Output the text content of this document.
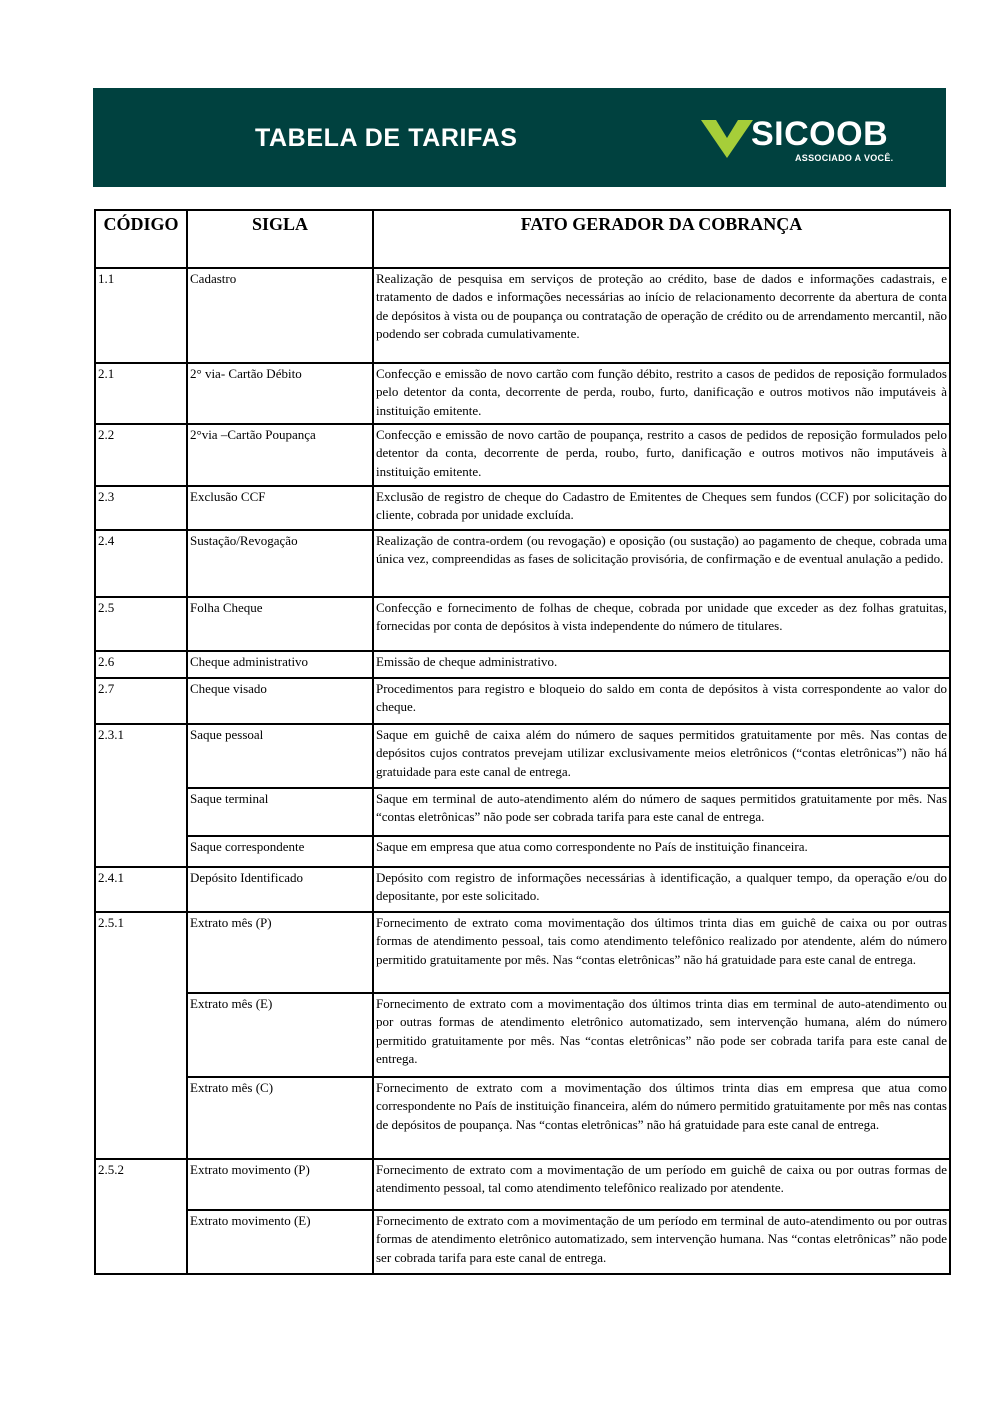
TABELA DE TARIFAS	SICOOB
ASSOCIADO A VOCÊ.
CÓDIGO	SIGLA	FATO GERADOR DA COBRANÇA
1.1	Cadastro	Realização de pesquisa em serviços de proteção ao crédito, base de dados e informações cadastrais, e tratamento de dados e informações necessárias ao início de relacionamento decorrente da abertura de conta de depósitos à vista ou de poupança ou contratação de operação de crédito ou de arrendamento mercantil, não podendo ser cobrada cumulativamente.
2.1	2° via- Cartão Débito	Confecção e emissão de novo cartão com função débito, restrito a casos de pedidos de reposição formulados pelo detentor da conta, decorrente de perda, roubo, furto, danificação e outros motivos não imputáveis à instituição emitente.
2.2	2°via –Cartão Poupança	Confecção e emissão de novo cartão de poupança, restrito a casos de pedidos de reposição formulados pelo detentor da conta, decorrente de perda, roubo, furto, danificação e outros motivos não imputáveis à instituição emitente.
2.3	Exclusão CCF	Exclusão de registro de cheque do Cadastro de Emitentes de Cheques sem fundos (CCF) por solicitação do cliente, cobrada por unidade excluída.
2.4	Sustação/Revogação	Realização de contra-ordem (ou revogação) e oposição (ou sustação) ao pagamento de cheque, cobrada uma única vez, compreendidas as fases de solicitação provisória, de confirmação e de eventual anulação a pedido.
2.5	Folha Cheque	Confecção e fornecimento de folhas de cheque, cobrada por unidade que exceder as dez folhas gratuitas, fornecidas por conta de depósitos à vista independente do número de titulares.
2.6	Cheque administrativo	Emissão de cheque administrativo.
2.7	Cheque visado	Procedimentos para registro e bloqueio do saldo em conta de depósitos à vista correspondente ao valor do cheque.
2.3.1	Saque pessoal	Saque em guichê de caixa além do número de saques permitidos gratuitamente por mês. Nas contas de depósitos cujos contratos prevejam utilizar exclusivamente meios eletrônicos (“contas eletrônicas”) não há gratuidade para este canal de entrega.
	Saque terminal	Saque em terminal de auto-atendimento além do número de saques permitidos gratuitamente por mês. Nas “contas eletrônicas” não pode ser cobrada tarifa para este canal de entrega.
	Saque correspondente	Saque em empresa que atua como correspondente no País de instituição financeira.
2.4.1	Depósito Identificado	Depósito com registro de informações necessárias à identificação, a qualquer tempo, da operação e/ou do depositante, por este solicitado.
2.5.1	Extrato mês (P)	Fornecimento de extrato coma movimentação dos últimos trinta dias em guichê de caixa ou por outras formas de atendimento pessoal, tais como atendimento telefônico realizado por atendente, além do número permitido gratuitamente por mês. Nas “contas eletrônicas” não há gratuidade para este canal de entrega.
	Extrato mês (E)	Fornecimento de extrato com a movimentação dos últimos trinta dias em terminal de auto-atendimento ou por outras formas de atendimento eletrônico automatizado, sem intervenção humana, além do número permitido gratuitamente por mês. Nas “contas eletrônicas” não pode ser cobrada tarifa para este canal de entrega.
	Extrato mês (C)	Fornecimento de extrato com a movimentação dos últimos trinta dias em empresa que atua como correspondente no País de instituição financeira, além do número permitido gratuitamente por mês nas contas de depósitos de poupança. Nas “contas eletrônicas” não há gratuidade para este canal de entrega.
2.5.2	Extrato movimento (P)	Fornecimento de extrato com a movimentação de um período em guichê de caixa ou por outras formas de atendimento pessoal, tal como atendimento telefônico realizado por atendente.
	Extrato movimento (E)	Fornecimento de extrato com a movimentação de um período em terminal de auto-atendimento ou por outras formas de atendimento eletrônico automatizado, sem intervenção humana. Nas “contas eletrônicas” não pode ser cobrada tarifa para este canal de entrega.
